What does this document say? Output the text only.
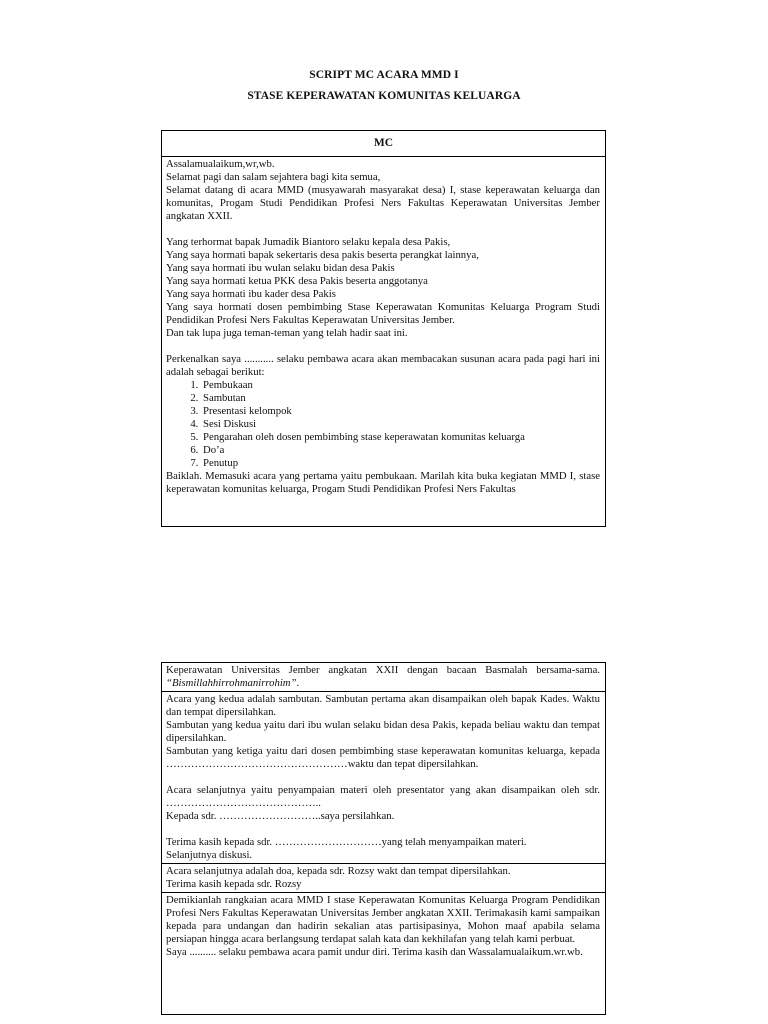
SCRIPT MC ACARA MMD I
STASE KEPERAWATAN KOMUNITAS KELUARGA
MC

Assalamualaikum,wr,wb.

Selamat pagi dan salam sejahtera bagi kita semua,

Selamat datang di acara MMD (musyawarah masyarakat desa) I, stase keperawatan keluarga dan komunitas, Progam Studi Pendidikan Profesi Ners Fakultas Keperawatan Universitas Jember angkatan XXII.

Yang terhormat bapak Jumadik Biantoro selaku kepala desa Pakis,

Yang saya hormati bapak sekertaris desa pakis beserta perangkat lainnya,

Yang saya hormati ibu wulan selaku bidan desa Pakis

Yang saya hormati ketua PKK desa Pakis beserta anggotanya

Yang saya hormati ibu kader desa Pakis

Yang saya hormati dosen pembimbing Stase Keperawatan Komunitas Keluarga Program Studi Pendidikan Profesi Ners Fakultas Keperawatan Universitas Jember.

Dan tak lupa juga teman-teman yang telah hadir saat ini.

Perkenalkan saya ........... selaku pembawa acara akan membacakan susunan acara pada pagi hari ini adalah sebagai berikut:

1. Pembukaan
2. Sambutan
3. Presentasi kelompok
4. Sesi Diskusi
5. Pengarahan oleh dosen pembimbing stase keperawatan komunitas keluarga
6. Do’a
7. Penutup

Baiklah. Memasuki acara yang pertama yaitu pembukaan. Marilah kita buka kegiatan MMD I, stase keperawatan komunitas keluarga, Progam Studi Pendidikan Profesi Ners Fakultas

Keperawatan Universitas Jember angkatan XXII dengan bacaan Basmalah bersama-sama. “Bismillahhirrohmanirrohim”.

Acara yang kedua adalah sambutan. Sambutan pertama akan disampaikan oleh bapak Kades. Waktu dan tempat dipersilahkan.

Sambutan yang kedua yaitu dari ibu wulan selaku bidan desa Pakis, kepada beliau waktu dan tempat dipersilahkan.

Sambutan yang ketiga yaitu dari dosen pembimbing stase keperawatan komunitas keluarga, kepada ……………………………………………waktu dan tepat dipersilahkan.

Acara selanjutnya yaitu penyampaian materi oleh presentator yang akan disampaikan oleh sdr. ……………………………………..

Kepada sdr. ………………………..saya persilahkan.

Terima kasih kepada sdr. …………………………yang telah menyampaikan materi.

Selanjutnya diskusi.

Acara selanjutnya adalah doa, kepada sdr. Rozsy wakt dan tempat dipersilahkan.

Terima kasih kepada sdr. Rozsy

Demikianlah rangkaian acara MMD I stase Keperawatan Komunitas Keluarga Program Pendidikan Profesi Ners Fakultas Keperawatan Universitas Jember angkatan XXII. Terimakasih kami sampaikan kepada para undangan dan hadirin sekalian atas partisipasinya, Mohon maaf apabila selama persiapan hingga acara berlangsung terdapat salah kata dan kekhilafan yang telah kami perbuat.

Saya .......... selaku pembawa acara pamit undur diri. Terima kasih dan Wassalamualaikum.wr.wb.
